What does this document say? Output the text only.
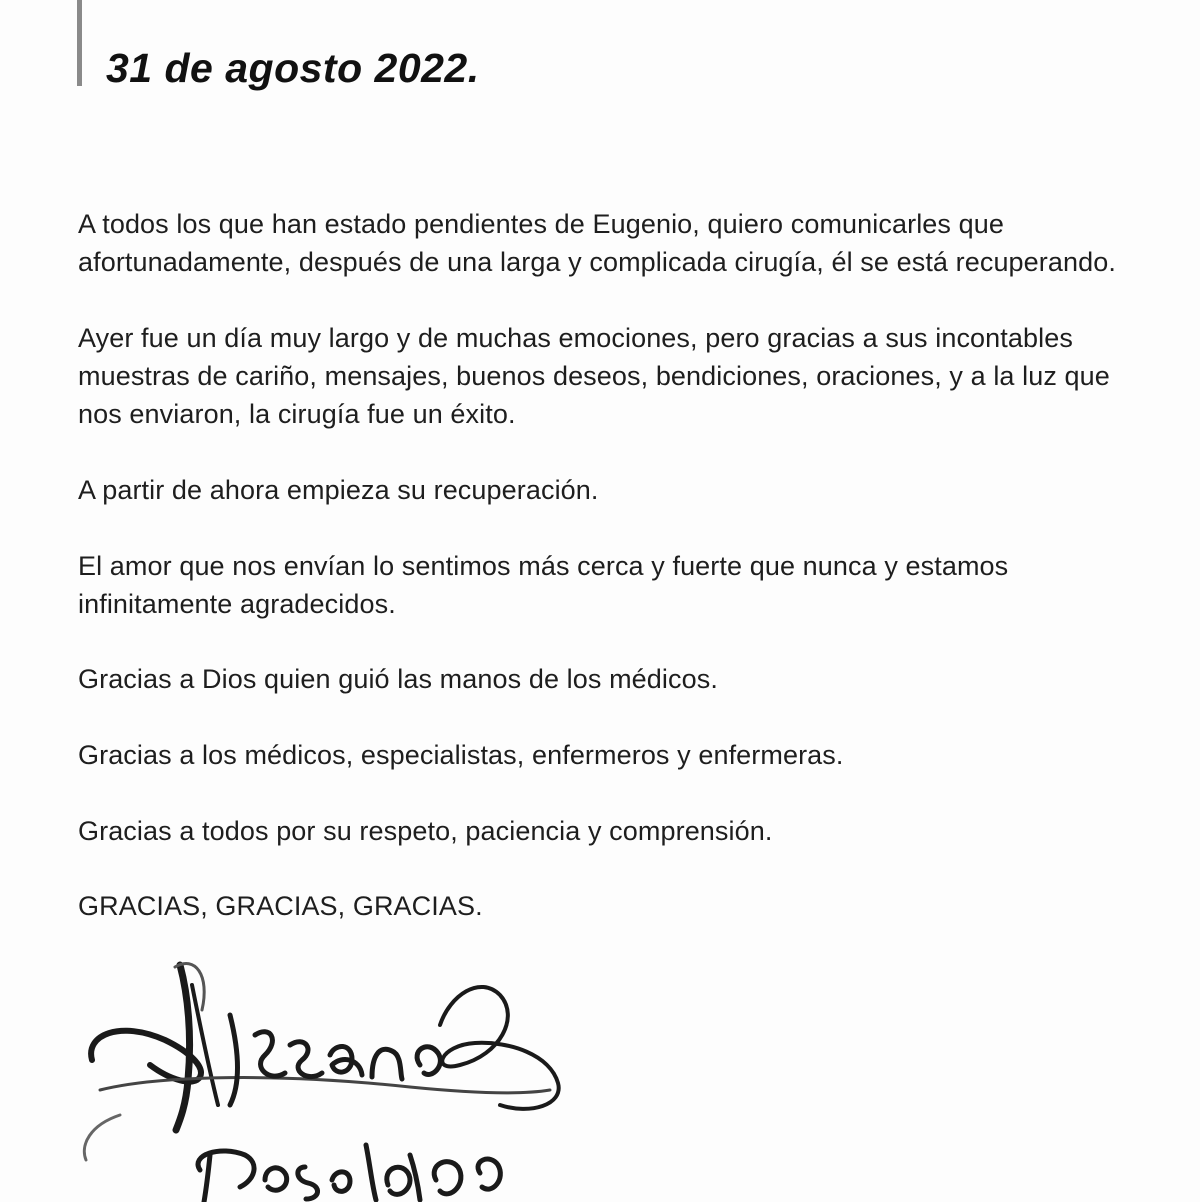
31 de agosto 2022.

A todos los que han estado pendientes de Eugenio, quiero comunicarles que
afortunadamente, después de una larga y complicada cirugía, él se está recuperando.

Ayer fue un día muy largo y de muchas emociones, pero gracias a sus incontables
muestras de cariño, mensajes, buenos deseos, bendiciones, oraciones, y a la luz que
nos enviaron, la cirugía fue un éxito.

A partir de ahora empieza su recuperación.

El amor que nos envían lo sentimos más cerca y fuerte que nunca y estamos
infinitamente agradecidos.

Gracias a Dios quien guió las manos de los médicos.

Gracias a los médicos, especialistas, enfermeros y enfermeras.

Gracias a todos por su respeto, paciencia y comprensión.

GRACIAS, GRACIAS, GRACIAS.
